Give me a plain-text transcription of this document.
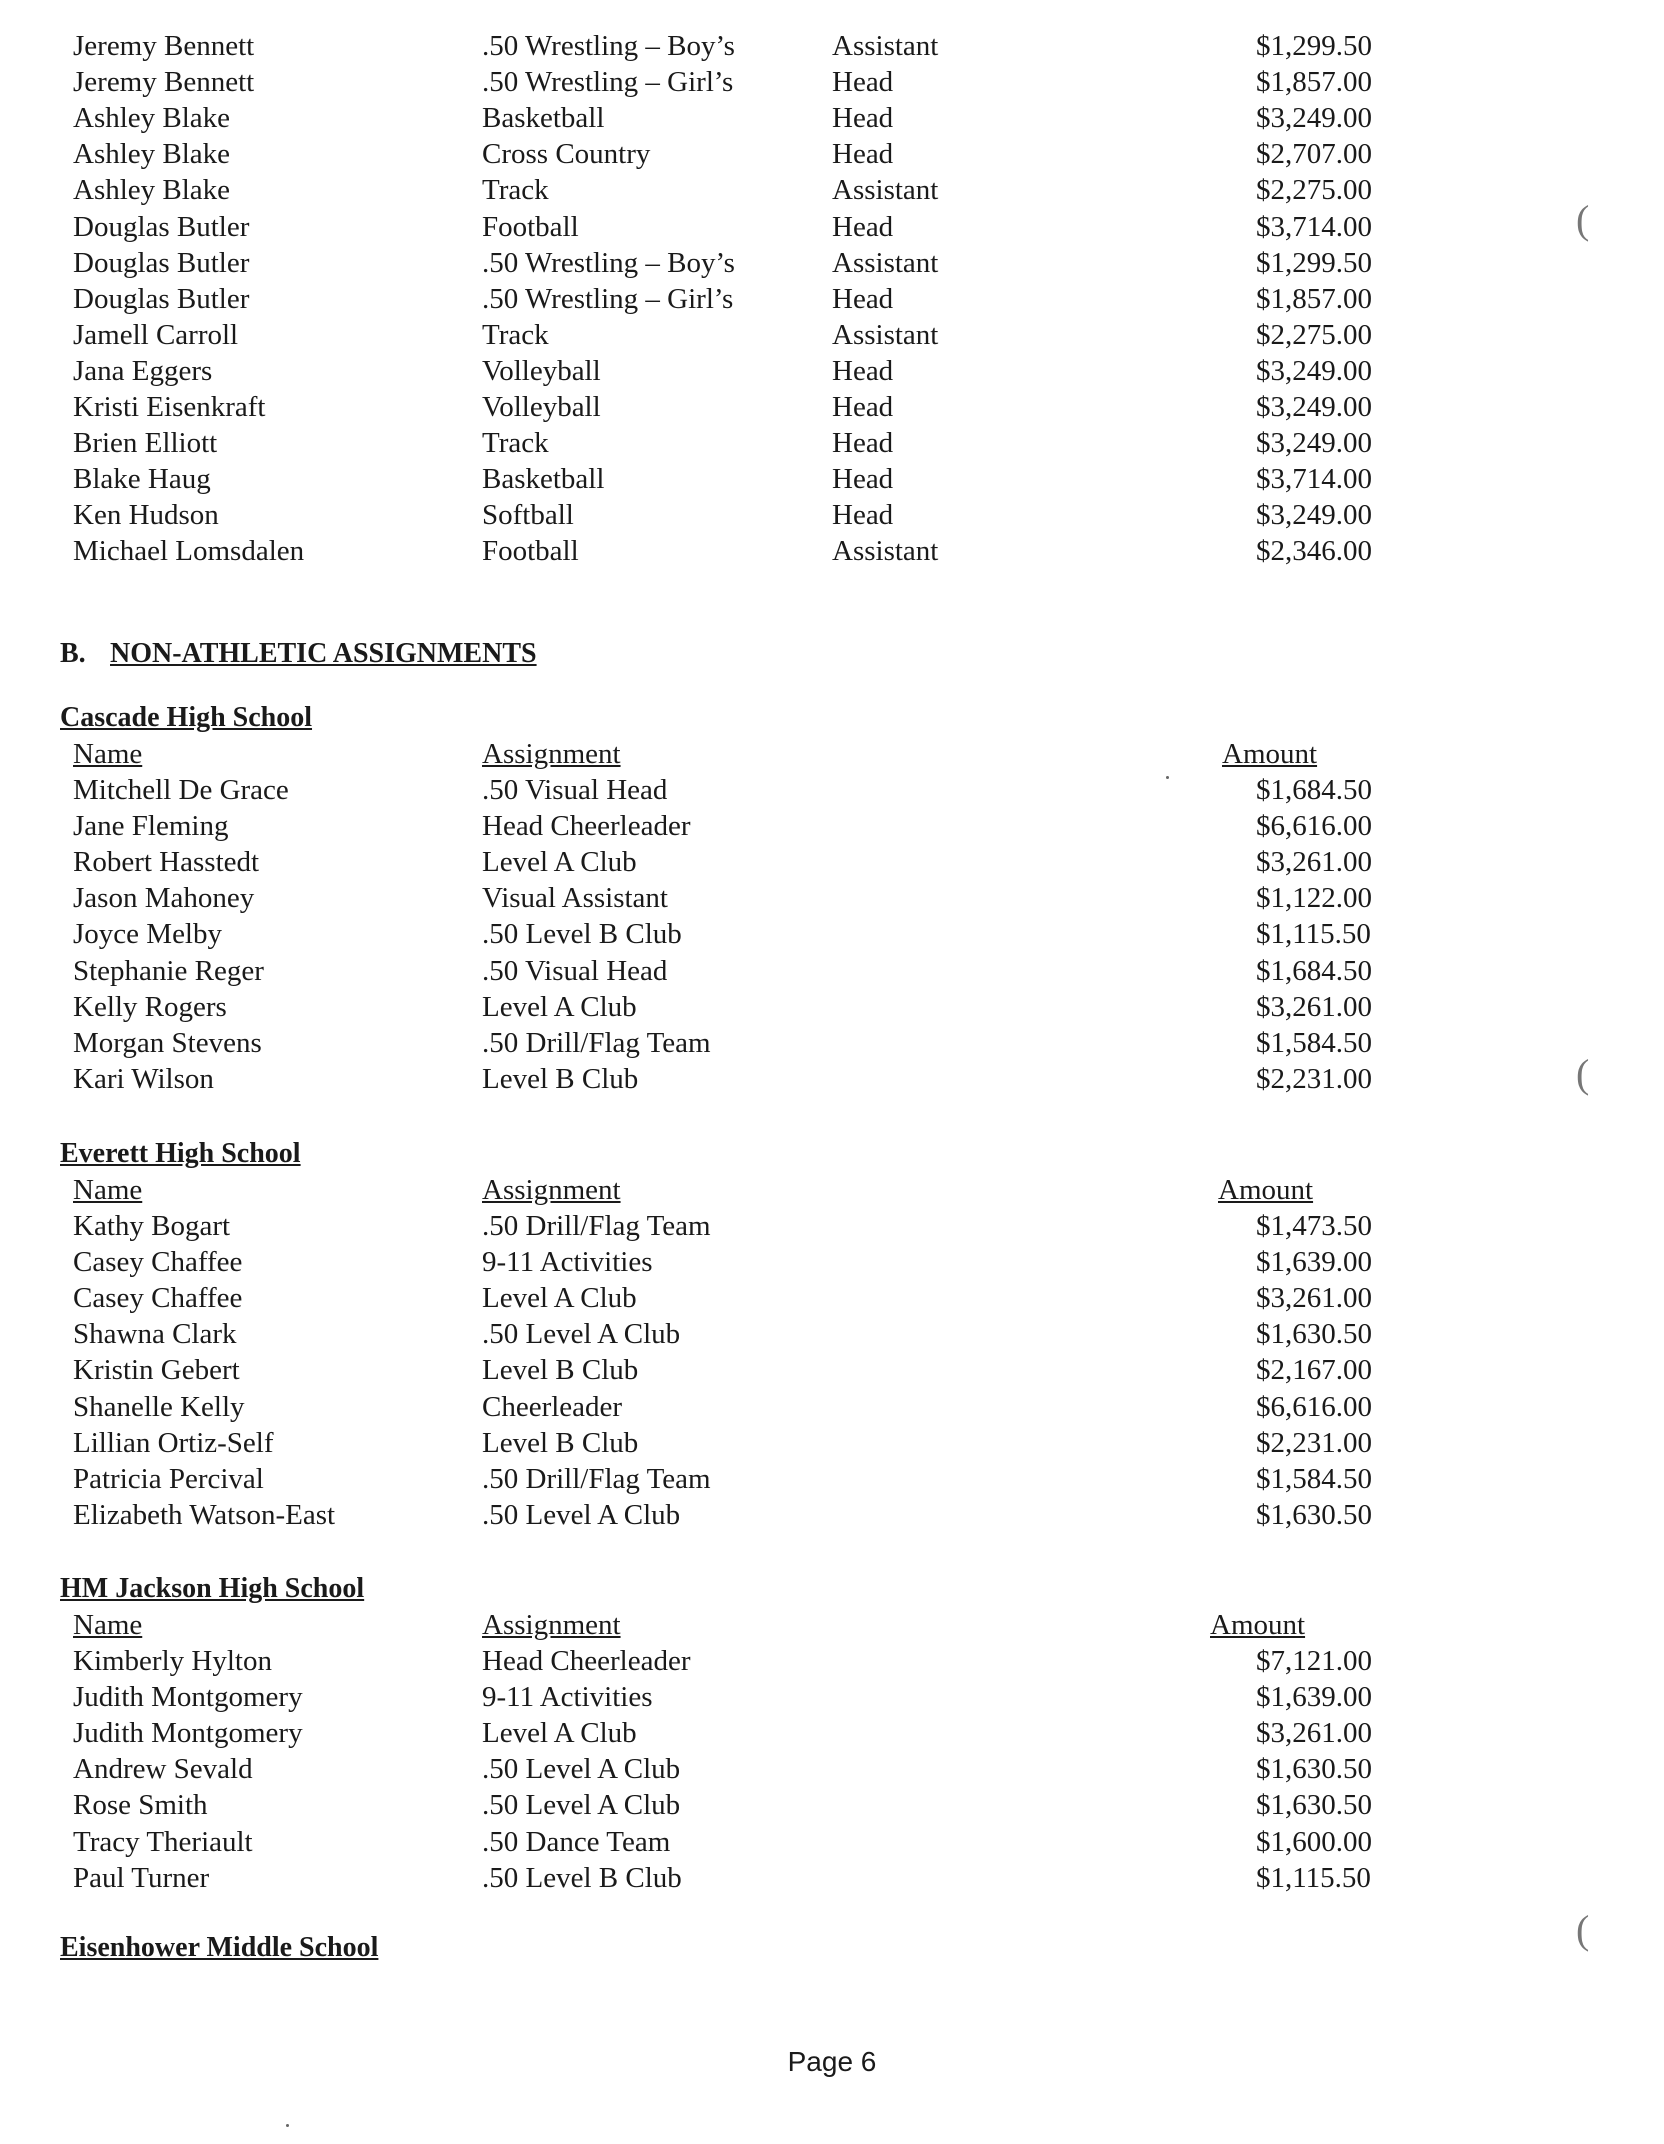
Jeremy Bennett	.50 Wrestling – Boy’s	Assistant	$1,299.50
Jeremy Bennett	.50 Wrestling – Girl’s	Head	$1,857.00
Ashley Blake	Basketball	Head	$3,249.00
Ashley Blake	Cross Country	Head	$2,707.00
Ashley Blake	Track	Assistant	$2,275.00
Douglas Butler	Football	Head	$3,714.00
Douglas Butler	.50 Wrestling – Boy’s	Assistant	$1,299.50
Douglas Butler	.50 Wrestling – Girl’s	Head	$1,857.00
Jamell Carroll	Track	Assistant	$2,275.00
Jana Eggers	Volleyball	Head	$3,249.00
Kristi Eisenkraft	Volleyball	Head	$3,249.00
Brien Elliott	Track	Head	$3,249.00
Blake Haug	Basketball	Head	$3,714.00
Ken Hudson	Softball	Head	$3,249.00
Michael Lomsdalen	Football	Assistant	$2,346.00
B. NON-ATHLETIC ASSIGNMENTS
Cascade High School
Name	Assignment	Amount
Mitchell De Grace	.50 Visual Head	$1,684.50
Jane Fleming	Head Cheerleader	$6,616.00
Robert Hasstedt	Level A Club	$3,261.00
Jason Mahoney	Visual Assistant	$1,122.00
Joyce Melby	.50 Level B Club	$1,115.50
Stephanie Reger	.50 Visual Head	$1,684.50
Kelly Rogers	Level A Club	$3,261.00
Morgan Stevens	.50 Drill/Flag Team	$1,584.50
Kari Wilson	Level B Club	$2,231.00
Everett High School
Name	Assignment	Amount
Kathy Bogart	.50 Drill/Flag Team	$1,473.50
Casey Chaffee	9-11 Activities	$1,639.00
Casey Chaffee	Level A Club	$3,261.00
Shawna Clark	.50 Level A Club	$1,630.50
Kristin Gebert	Level B Club	$2,167.00
Shanelle Kelly	Cheerleader	$6,616.00
Lillian Ortiz-Self	Level B Club	$2,231.00
Patricia Percival	.50 Drill/Flag Team	$1,584.50
Elizabeth Watson-East	.50 Level A Club	$1,630.50
HM Jackson High School
Name	Assignment	Amount
Kimberly Hylton	Head Cheerleader	$7,121.00
Judith Montgomery	9-11 Activities	$1,639.00
Judith Montgomery	Level A Club	$3,261.00
Andrew Sevald	.50 Level A Club	$1,630.50
Rose Smith	.50 Level A Club	$1,630.50
Tracy Theriault	.50 Dance Team	$1,600.00
Paul Turner	.50 Level B Club	$1,115.50
Eisenhower Middle School
Page 6
(
(
(
